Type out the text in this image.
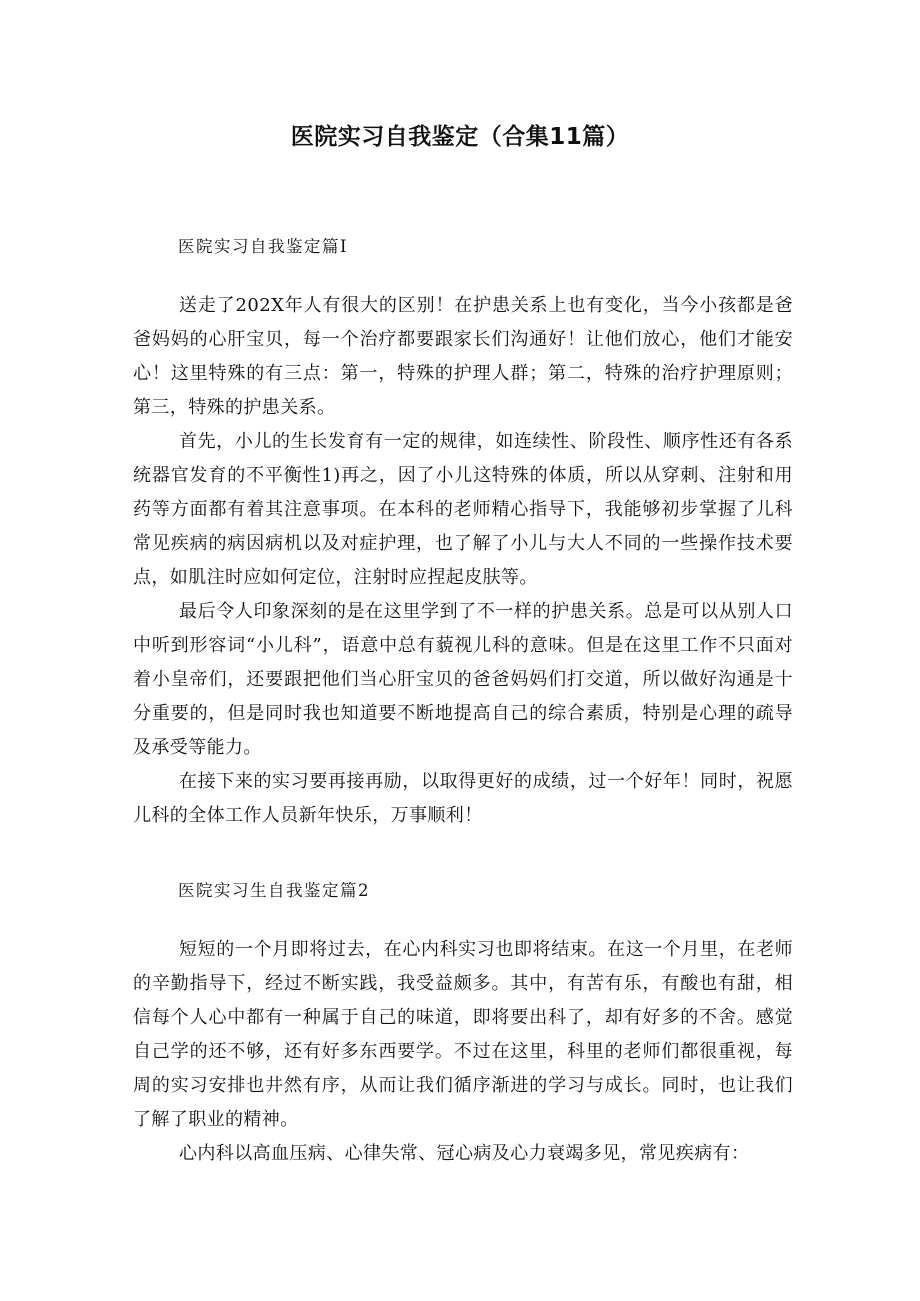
医院实习自我鉴定（合集11篇）
医院实习自我鉴定篇I

送走了202X年人有很大的区别！在护患关系上也有变化，当今小孩都是爸爸妈妈的心肝宝贝，每一个治疗都要跟家长们沟通好！让他们放心，他们才能安心！这里特殊的有三点：第一，特殊的护理人群；第二，特殊的治疗护理原则；第三，特殊的护患关系。

首先，小儿的生长发育有一定的规律，如连续性、阶段性、顺序性还有各系统器官发育的不平衡性1)再之，因了小儿这特殊的体质，所以从穿刺、注射和用药等方面都有着其注意事项。在本科的老师精心指导下，我能够初步掌握了儿科常见疾病的病因病机以及对症护理，也了解了小儿与大人不同的一些操作技术要点，如肌注时应如何定位，注射时应捏起皮肤等。

最后令人印象深刻的是在这里学到了不一样的护患关系。总是可以从别人口中听到形容词“小儿科”，语意中总有藐视儿科的意味。但是在这里工作不只面对着小皇帝们，还要跟把他们当心肝宝贝的爸爸妈妈们打交道，所以做好沟通是十分重要的，但是同时我也知道要不断地提高自己的综合素质，特别是心理的疏导及承受等能力。

在接下来的实习要再接再励，以取得更好的成绩，过一个好年！同时，祝愿儿科的全体工作人员新年快乐，万事顺利！

医院实习生自我鉴定篇2

短短的一个月即将过去，在心内科实习也即将结束。在这一个月里，在老师的辛勤指导下，经过不断实践，我受益颇多。其中，有苦有乐，有酸也有甜，相信每个人心中都有一种属于自己的味道，即将要出科了，却有好多的不舍。感觉自己学的还不够，还有好多东西要学。不过在这里，科里的老师们都很重视，每周的实习安排也井然有序，从而让我们循序渐进的学习与成长。同时，也让我们了解了职业的精神。

心内科以高血压病、心律失常、冠心病及心力衰竭多见，常见疾病有：
